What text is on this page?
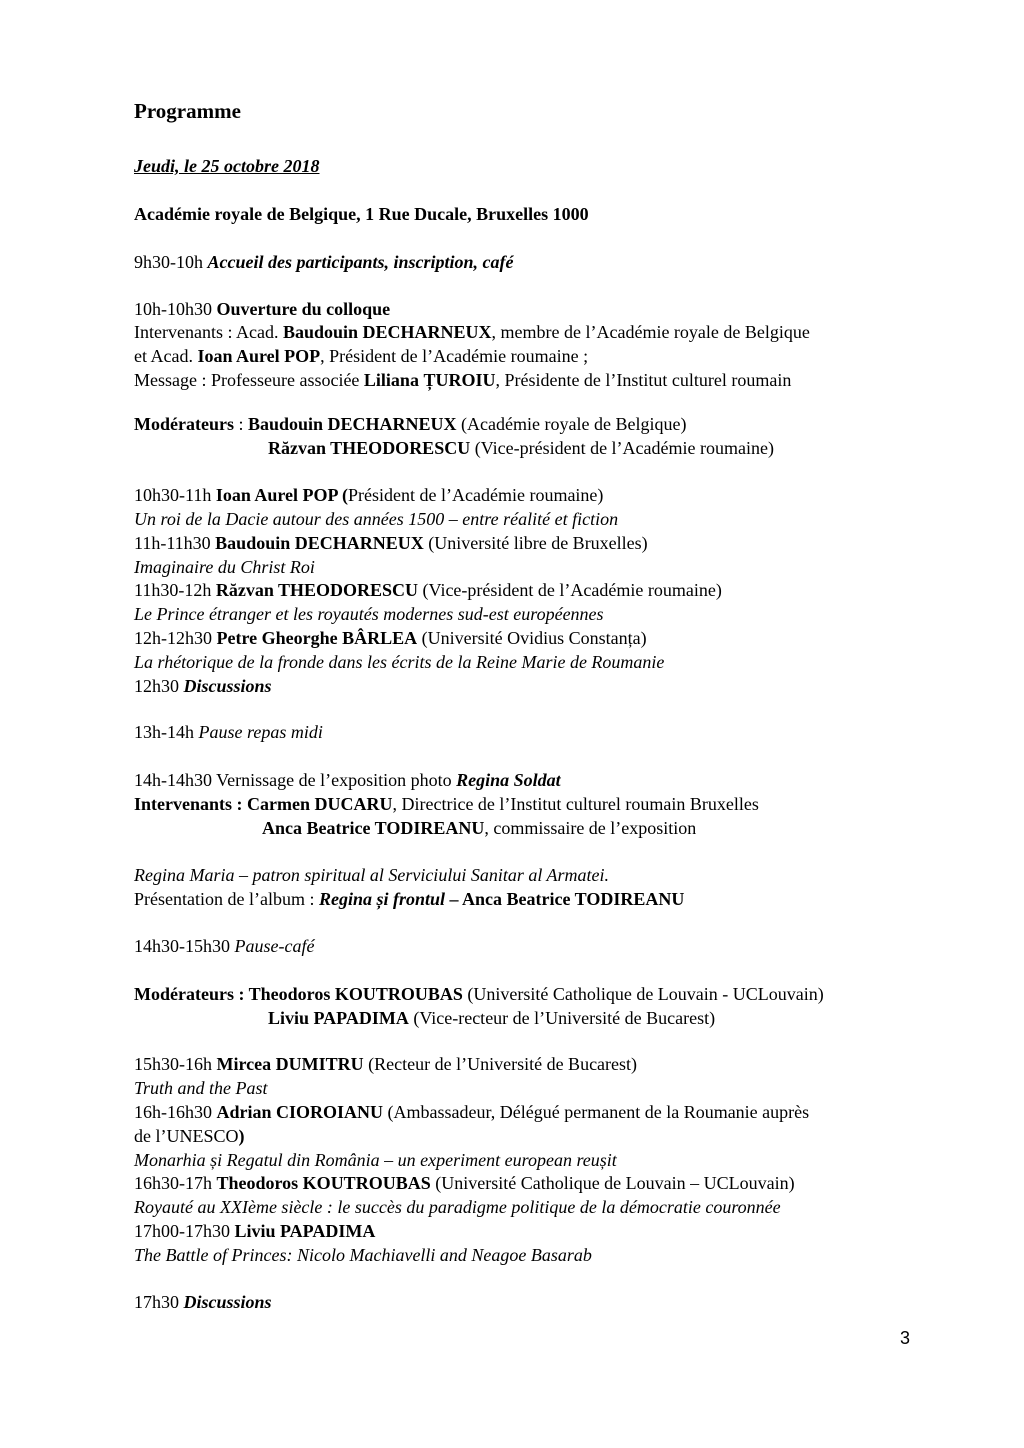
Programme
Jeudi, le 25 octobre 2018
Académie royale de Belgique, 1 Rue Ducale, Bruxelles 1000
9h30-10h Accueil des participants, inscription, café
10h-10h30 Ouverture du colloque
Intervenants : Acad. Baudouin DECHARNEUX, membre de l’Académie royale de Belgique
et Acad. Ioan Aurel POP, Président de l’Académie roumaine ;
Message : Professeure associée Liliana ȚUROIU, Présidente de l’Institut culturel roumain
Modérateurs : Baudouin DECHARNEUX (Académie royale de Belgique)
Răzvan THEODORESCU (Vice-président de l’Académie roumaine)
10h30-11h Ioan Aurel POP (Président de l’Académie roumaine)
Un roi de la Dacie autour des années 1500 – entre réalité et fiction
11h-11h30 Baudouin DECHARNEUX (Université libre de Bruxelles)
Imaginaire du Christ Roi
11h30-12h Răzvan THEODORESCU (Vice-président de l’Académie roumaine)
Le Prince étranger et les royautés modernes sud-est européennes
12h-12h30 Petre Gheorghe BÂRLEA (Université Ovidius Constanța)
La rhétorique de la fronde dans les écrits de la Reine Marie de Roumanie
12h30 Discussions
13h-14h Pause repas midi
14h-14h30 Vernissage de l’exposition photo Regina Soldat
Intervenants : Carmen DUCARU, Directrice de l’Institut culturel roumain Bruxelles
Anca Beatrice TODIREANU, commissaire de l’exposition
Regina Maria – patron spiritual al Serviciului Sanitar al Armatei.
Présentation de l’album : Regina și frontul – Anca Beatrice TODIREANU
14h30-15h30 Pause-café
Modérateurs : Theodoros KOUTROUBAS (Université Catholique de Louvain - UCLouvain)
Liviu PAPADIMA (Vice-recteur de l’Université de Bucarest)
15h30-16h Mircea DUMITRU (Recteur de l’Université de Bucarest)
Truth and the Past
16h-16h30 Adrian CIOROIANU (Ambassadeur, Délégué permanent de la Roumanie auprès
de l’UNESCO)
Monarhia și Regatul din România – un experiment european reușit
16h30-17h Theodoros KOUTROUBAS (Université Catholique de Louvain – UCLouvain)
Royauté au XXIème siècle : le succès du paradigme politique de la démocratie couronnée
17h00-17h30 Liviu PAPADIMA
The Battle of Princes: Nicolo Machiavelli and Neagoe Basarab
17h30 Discussions
3
